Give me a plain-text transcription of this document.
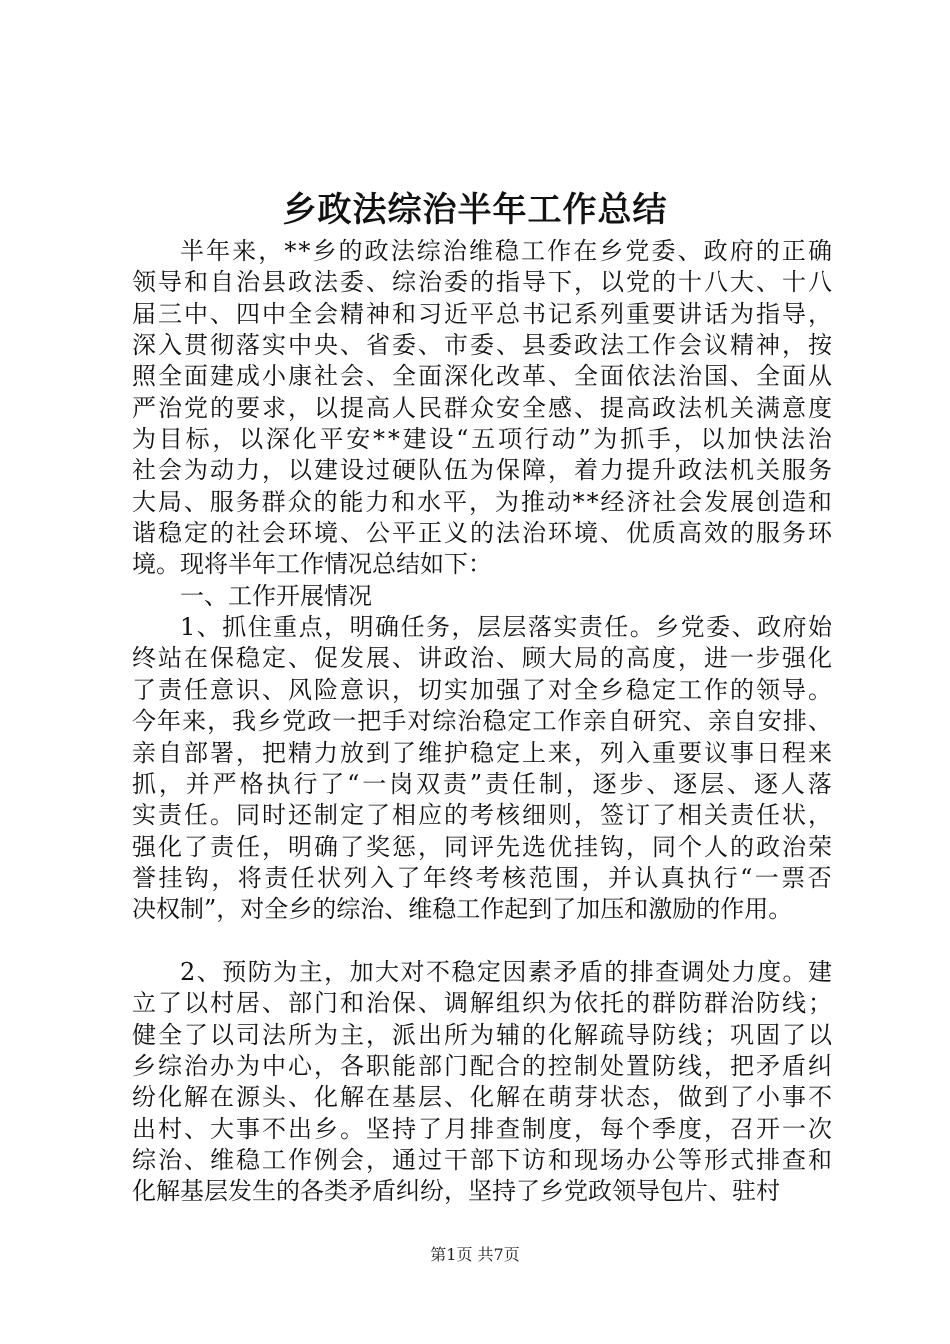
乡政法综治半年工作总结
半 年 来 ， * * 乡 的 政 法 综 治 维 稳 工 作 在 乡 党 委 、 政 府 的 正 确
领 导 和 自 治 县 政 法 委 、 综 治 委 的 指 导 下 ， 以 党 的 十 八 大 、 十 八
届 三 中 、 四 中 全 会 精 神 和 习 近 平 总 书 记 系 列 重 要 讲 话 为 指 导 ，
深 入 贯 彻 落 实 中 央 、 省 委 、 市 委 、 县 委 政 法 工 作 会 议 精 神 ， 按
照 全 面 建 成 小 康 社 会 、 全 面 深 化 改 革 、 全 面 依 法 治 国 、 全 面 从
严 治 党 的 要 求 ， 以 提 高 人 民 群 众 安 全 感 、 提 高 政 法 机 关 满 意 度
为 目 标 ， 以 深 化 平 安 * * 建 设 “ 五 项 行 动 ” 为 抓 手 ， 以 加 快 法 治
社 会 为 动 力 ， 以 建 设 过 硬 队 伍 为 保 障 ， 着 力 提 升 政 法 机 关 服 务
大 局 、 服 务 群 众 的 能 力 和 水 平 ， 为 推 动 * * 经 济 社 会 发 展 创 造 和
谐 稳 定 的 社 会 环 境 、 公 平 正 义 的 法 治 环 境 、 优 质 高 效 的 服 务 环
境。现将半年工作情况总结如下：
一、工作开展情况
1 、 抓 住 重 点 ， 明 确 任 务 ， 层 层 落 实 责 任 。 乡 党 委 、 政 府 始
终 站 在 保 稳 定 、 促 发 展 、 讲 政 治 、 顾 大 局 的 高 度 ， 进 一 步 强 化
了 责 任 意 识 、 风 险 意 识 ， 切 实 加 强 了 对 全 乡 稳 定 工 作 的 领 导 。
今 年 来 ， 我 乡 党 政 一 把 手 对 综 治 稳 定 工 作 亲 自 研 究 、 亲 自 安 排 、
亲 自 部 署 ， 把 精 力 放 到 了 维 护 稳 定 上 来 ， 列 入 重 要 议 事 日 程 来
抓 ， 并 严 格 执 行 了 “ 一 岗 双 责 ” 责 任 制 ， 逐 步 、 逐 层 、 逐 人 落
实 责 任 。 同 时 还 制 定 了 相 应 的 考 核 细 则 ， 签 订 了 相 关 责 任 状 ，
强 化 了 责 任 ， 明 确 了 奖 惩 ， 同 评 先 选 优 挂 钩 ， 同 个 人 的 政 治 荣
誉 挂 钩 ， 将 责 任 状 列 入 了 年 终 考 核 范 围 ， 并 认 真 执 行 “ 一 票 否
决权制”，对全乡的综治、维稳工作起到了加压和激励的作用。
2 、 预 防 为 主 ， 加 大 对 不 稳 定 因 素 矛 盾 的 排 查 调 处 力 度 。 建
立 了 以 村 居 、 部 门 和 治 保 、 调 解 组 织 为 依 托 的 群 防 群 治 防 线 ；
健 全 了 以 司 法 所 为 主 ， 派 出 所 为 辅 的 化 解 疏 导 防 线 ； 巩 固 了 以
乡 综 治 办 为 中 心 ， 各 职 能 部 门 配 合 的 控 制 处 置 防 线 ， 把 矛 盾 纠
纷 化 解 在 源 头 、 化 解 在 基 层 、 化 解 在 萌 芽 状 态 ， 做 到 了 小 事 不
出 村 、 大 事 不 出 乡 。 坚 持 了 月 排 查 制 度 ， 每 个 季 度 ， 召 开 一 次
综 治 、 维 稳 工 作 例 会 ， 通 过 干 部 下 访 和 现 场 办 公 等 形 式 排 查 和
化解基层发生的各类矛盾纠纷，坚持了乡党政领导包片、驻村
第1页 共7页
